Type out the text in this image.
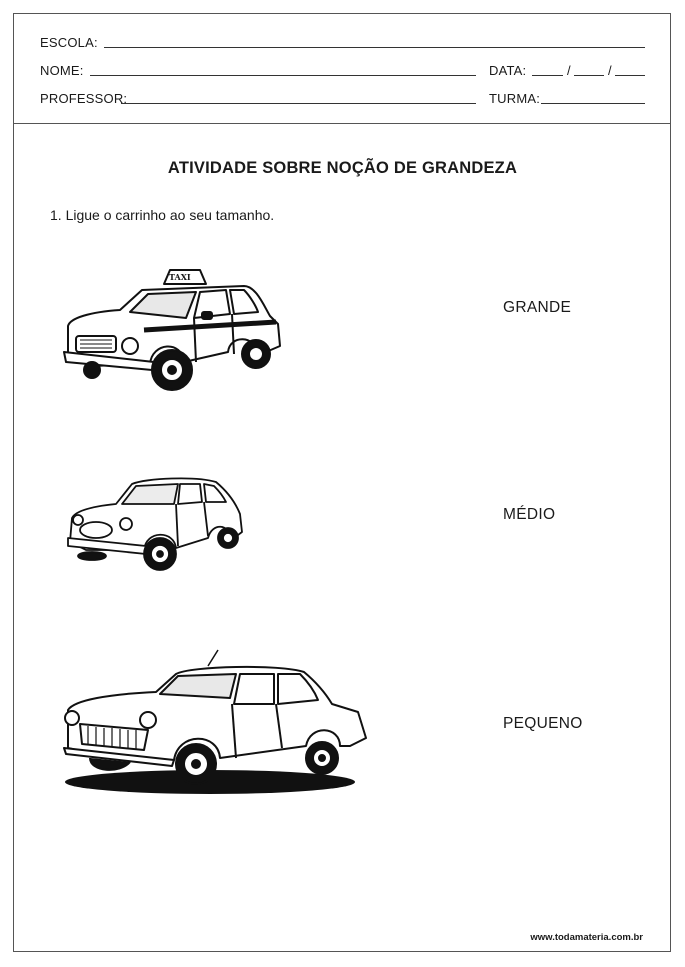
ESCOLA:
NOME:	DATA:	/	/
PROFESSOR:	TURMA:
ATIVIDADE SOBRE NOÇÃO DE GRANDEZA
1. Ligue o carrinho ao seu tamanho.
TAXI
GRANDE
MÉDIO
PEQUENO
www.todamateria.com.br
